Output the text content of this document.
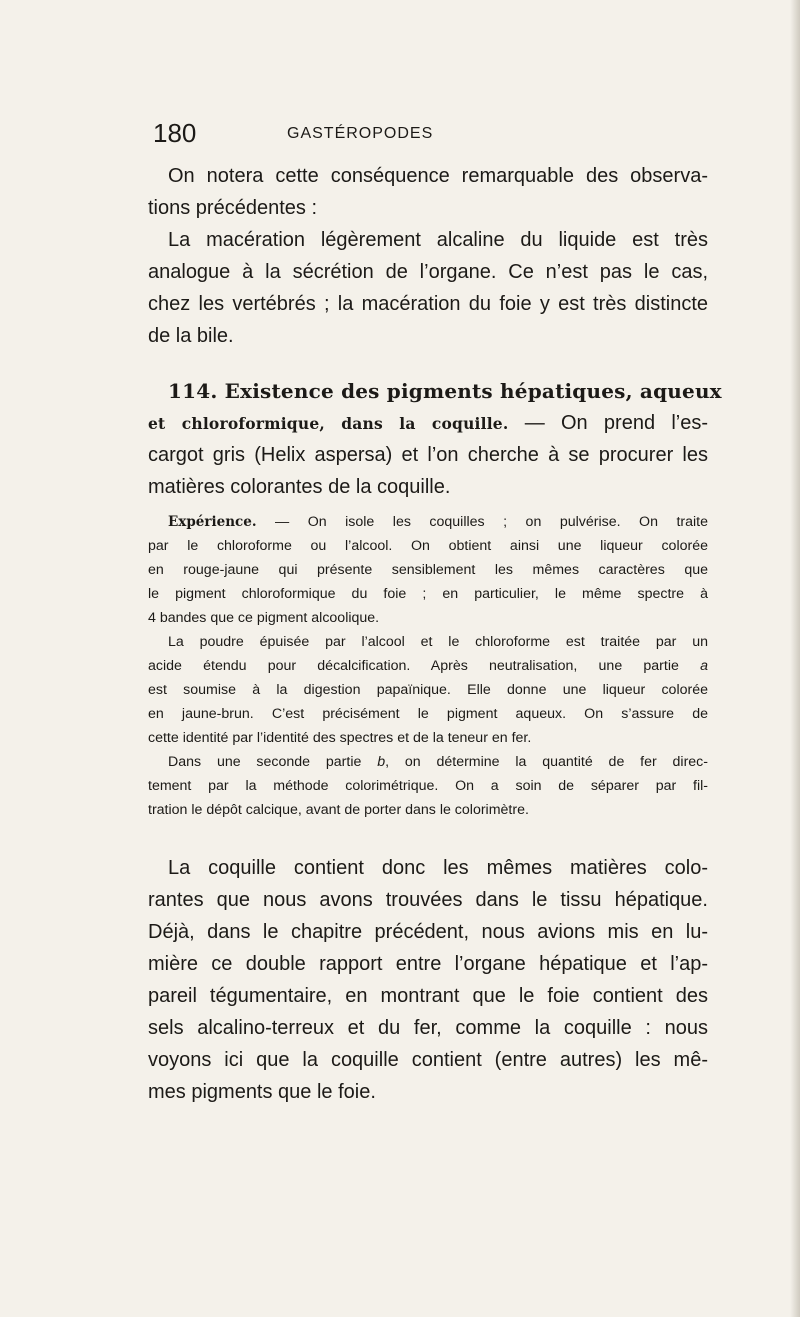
180	GASTÉROPODES
On notera cette conséquence remarquable des observa-
tions précédentes :
La macération légèrement alcaline du liquide est très
analogue à la sécrétion de l’organe. Ce n’est pas le cas,
chez les vertébrés ; la macération du foie y est très distincte
de la bile.
114. Existence des pigments hépatiques, aqueux
et chloroformique, dans la coquille. — On prend l’es-
cargot gris (Helix aspersa) et l’on cherche à se procurer les
matières colorantes de la coquille.
Expérience. — On isole les coquilles ; on pulvérise. On traite
par le chloroforme ou l’alcool. On obtient ainsi une liqueur colorée
en rouge-jaune qui présente sensiblement les mêmes caractères que
le pigment chloroformique du foie ; en particulier, le même spectre à
4 bandes que ce pigment alcoolique.
La poudre épuisée par l’alcool et le chloroforme est traitée par un
acide étendu pour décalcification. Après neutralisation, une partie a
est soumise à la digestion papaïnique. Elle donne une liqueur colorée
en jaune-brun. C’est précisément le pigment aqueux. On s’assure de
cette identité par l’identité des spectres et de la teneur en fer.
Dans une seconde partie b, on détermine la quantité de fer direc-
tement par la méthode colorimétrique. On a soin de séparer par fil-
tration le dépôt calcique, avant de porter dans le colorimètre.
La coquille contient donc les mêmes matières colo-
rantes que nous avons trouvées dans le tissu hépatique.
Déjà, dans le chapitre précédent, nous avions mis en lu-
mière ce double rapport entre l’organe hépatique et l’ap-
pareil tégumentaire, en montrant que le foie contient des
sels alcalino-terreux et du fer, comme la coquille : nous
voyons ici que la coquille contient (entre autres) les mê-
mes pigments que le foie.
